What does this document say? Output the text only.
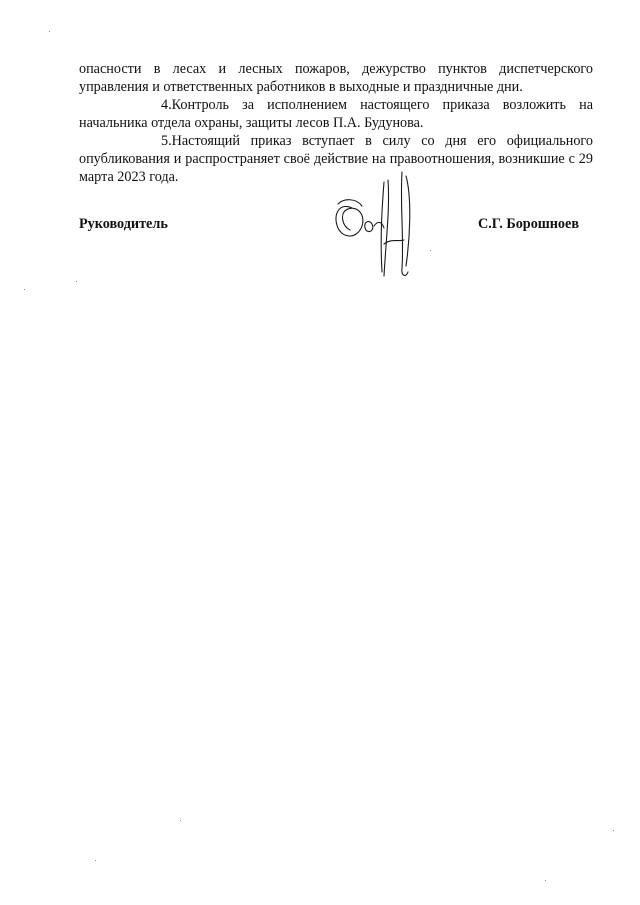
опасности в лесах и лесных пожаров, дежурство пунктов диспетчерского управления и ответственных работников в выходные и праздничные дни.

4.Контроль за исполнением настоящего приказа возложить на начальника отдела охраны, защиты лесов П.А. Будунова.

5.Настоящий приказ вступает в силу со дня его официального опубликования и распространяет своё действие на правоотношения, возникшие с 29 марта 2023 года.

Руководитель	С.Г. Борошноев
